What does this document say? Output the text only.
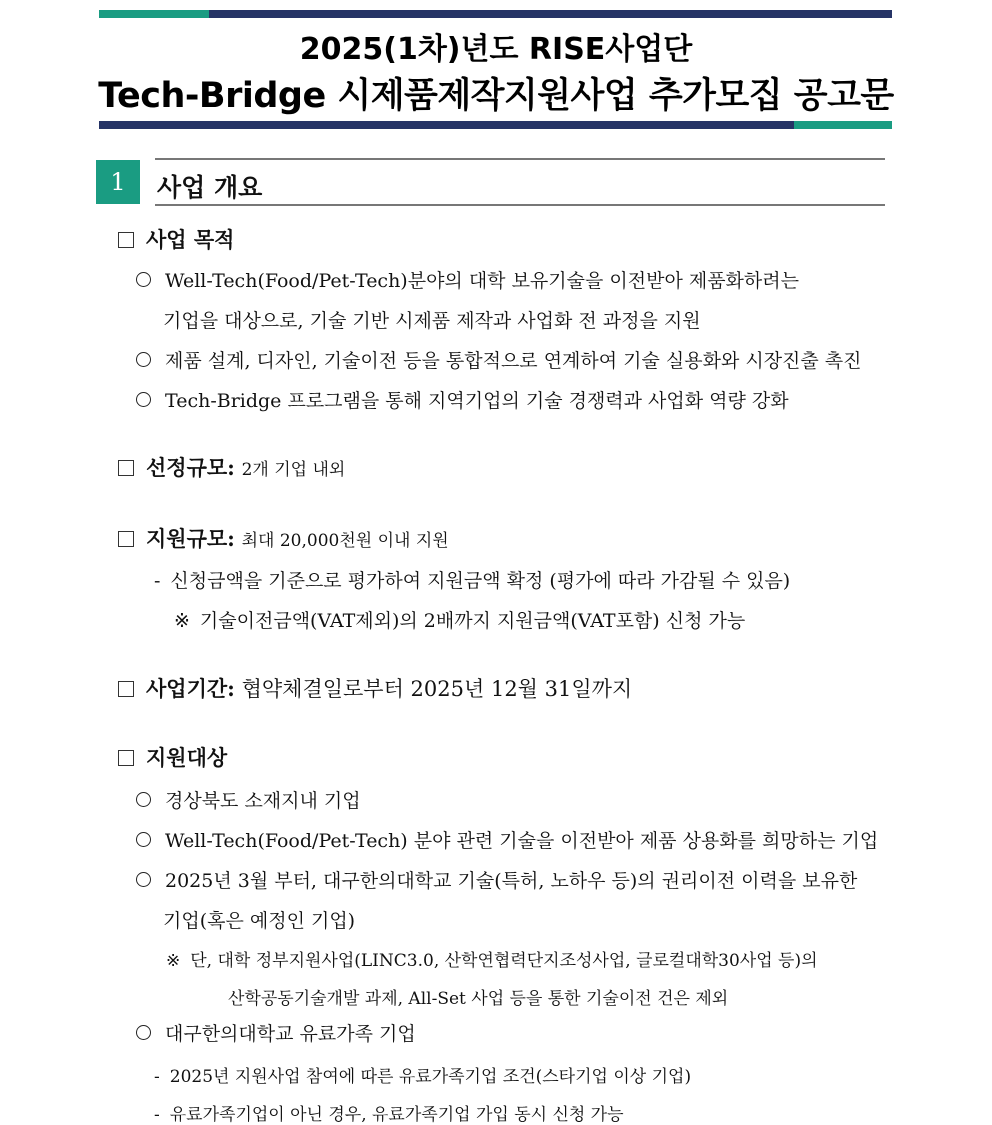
2025(1차)년도 RISE사업단
Tech-Bridge 시제품제작지원사업 추가모집 공고문
1	사업 개요
사업 목적
Well-Tech(Food/Pet-Tech)분야의 대학 보유기술을 이전받아 제품화하려는
기업을 대상으로, 기술 기반 시제품 제작과 사업화 전 과정을 지원
제품 설계, 디자인, 기술이전 등을 통합적으로 연계하여 기술 실용화와 시장진출 촉진
Tech-Bridge 프로그램을 통해 지역기업의 기술 경쟁력과 사업화 역량 강화
선정규모: 2개 기업 내외
지원규모: 최대 20,000천원 이내 지원
- 신청금액을 기준으로 평가하여 지원금액 확정 (평가에 따라 가감될 수 있음)
※ 기술이전금액(VAT제외)의 2배까지 지원금액(VAT포함) 신청 가능
사업기간: 협약체결일로부터 2025년 12월 31일까지
지원대상
경상북도 소재지내 기업
Well-Tech(Food/Pet-Tech) 분야 관련 기술을 이전받아 제품 상용화를 희망하는 기업
2025년 3월 부터, 대구한의대학교 기술(특허, 노하우 등)의 권리이전 이력을 보유한
기업(혹은 예정인 기업)
※ 단, 대학 정부지원사업(LINC3.0, 산학연협력단지조성사업, 글로컬대학30사업 등)의
산학공동기술개발 과제, All-Set 사업 등을 통한 기술이전 건은 제외
대구한의대학교 유료가족 기업
- 2025년 지원사업 참여에 따른 유료가족기업 조건(스타기업 이상 기업)
- 유료가족기업이 아닌 경우, 유료가족기업 가입 동시 신청 가능
